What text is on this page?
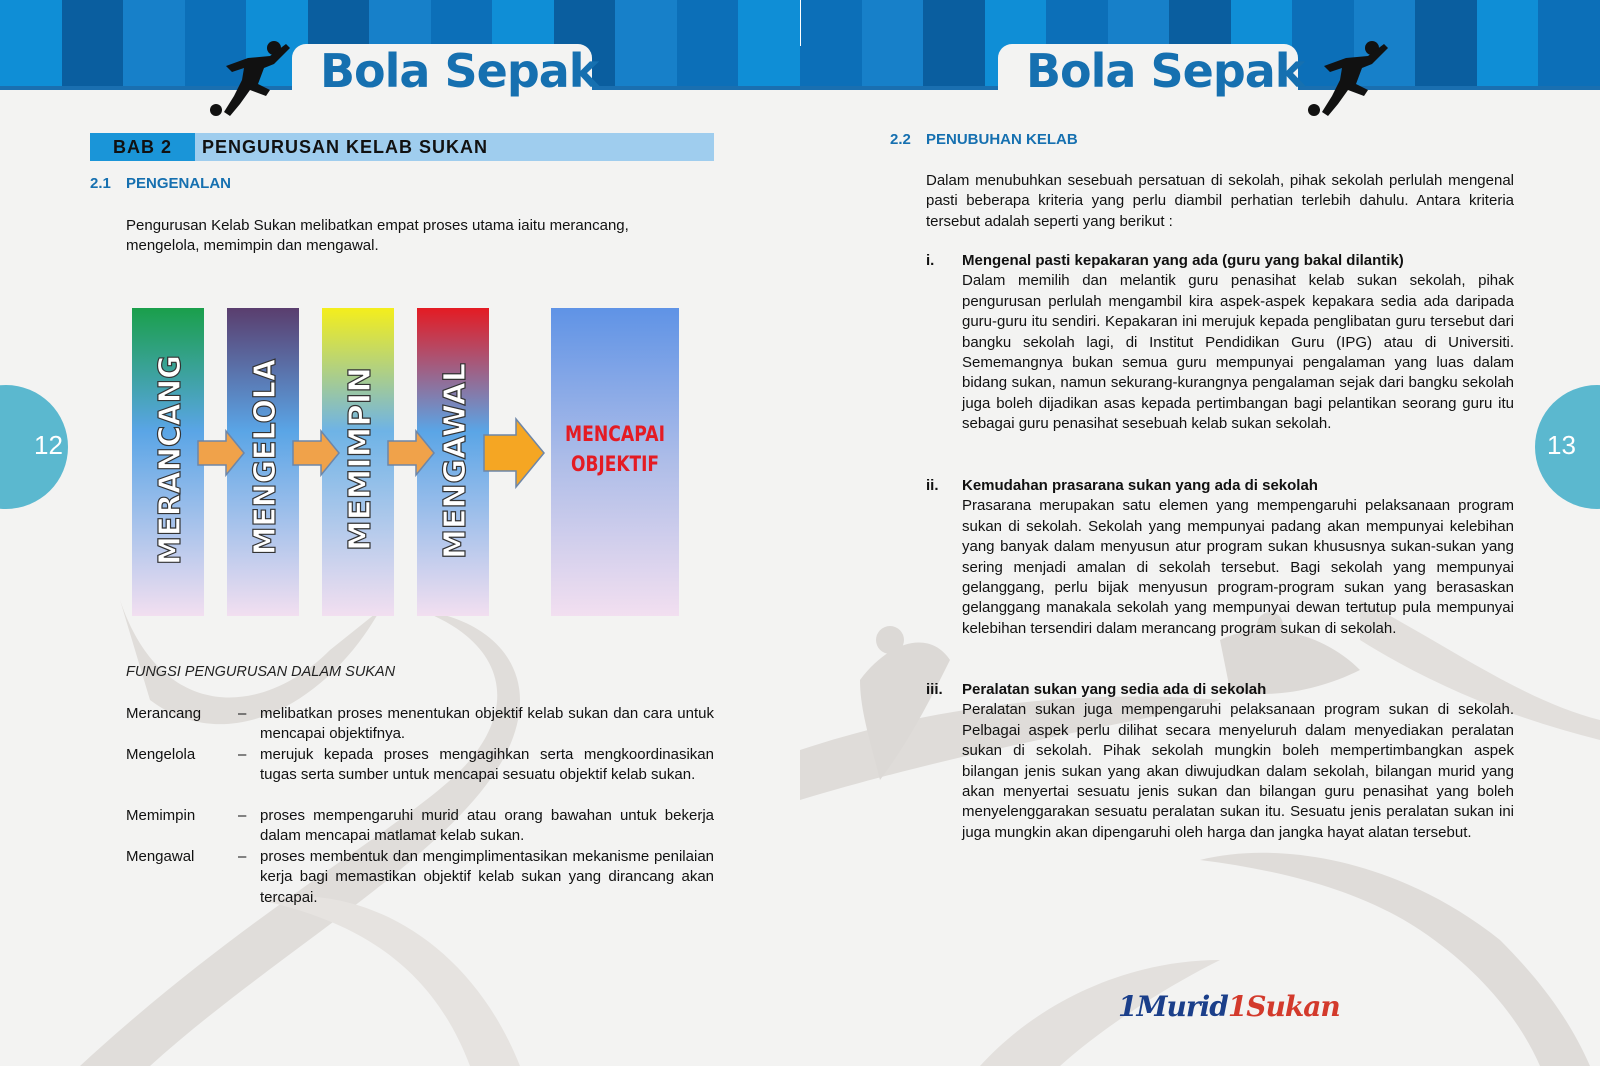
Bola Sepak
12
BAB 2	PENGURUSAN KELAB SUKAN
2.1 PENGENALAN
Pengurusan Kelab Sukan melibatkan empat proses utama iaitu merancang, mengelola, memimpin dan mengawal.
MERANCANG MENGELOLA MEMIMPIN MENGAWAL	MENCAPAI
OBJEKTIF
FUNGSI PENGURUSAN DALAM SUKAN
Merancang – melibatkan proses menentukan objektif kelab sukan dan cara untuk mencapai objektifnya.
Mengelola	– merujuk kepada proses mengagihkan serta mengkoordinasikan tugas serta sumber untuk mencapai sesuatu objektif kelab sukan.
Memimpin	– proses mempengaruhi murid atau orang bawahan untuk bekerja dalam mencapai matlamat kelab sukan.
Mengawal	– proses membentuk dan mengimplimentasikan mekanisme penilaian kerja bagi memastikan objektif kelab sukan yang dirancang akan tercapai.
Bola Sepak
13
2.2 PENUBUHAN KELAB
Dalam menubuhkan sesebuah persatuan di sekolah, pihak sekolah perlulah mengenal pasti beberapa kriteria yang perlu diambil perhatian terlebih dahulu. Antara kriteria tersebut adalah seperti yang berikut :
i. Mengenal pasti kepakaran yang ada (guru yang bakal dilantik)
Dalam memilih dan melantik guru penasihat kelab sukan sekolah, pihak pengurusan perlulah mengambil kira aspek-aspek kepakara sedia ada daripada guru-guru itu sendiri. Kepakaran ini merujuk kepada penglibatan guru tersebut dari bangku sekolah lagi, di Institut Pendidikan Guru (IPG) atau di Universiti. Sememangnya bukan semua guru mempunyai pengalaman yang luas dalam bidang sukan, namun sekurang-kurangnya pengalaman sejak dari bangku sekolah juga boleh dijadikan asas kepada pertimbangan bagi pelantikan seorang guru itu sebagai guru penasihat sesebuah kelab sukan sekolah.
ii. Kemudahan prasarana sukan yang ada di sekolah
Prasarana merupakan satu elemen yang mempengaruhi pelaksanaan program sukan di sekolah. Sekolah yang mempunyai padang akan mempunyai kelebihan yang banyak dalam menyusun atur program sukan khususnya sukan-sukan yang sering menjadi amalan di sekolah tersebut. Bagi sekolah yang mempunyai gelanggang, perlu bijak menyusun program-program sukan yang berasaskan gelanggang manakala sekolah yang mempunyai dewan tertutup pula mempunyai kelebihan tersendiri dalam merancang program sukan di sekolah.
iii. Peralatan sukan yang sedia ada di sekolah
Peralatan sukan juga mempengaruhi pelaksanaan program sukan di sekolah. Pelbagai aspek perlu dilihat secara menyeluruh dalam menyediakan peralatan sukan di sekolah. Pihak sekolah mungkin boleh mempertimbangkan aspek bilangan jenis sukan yang akan diwujudkan dalam sekolah, bilangan murid yang akan menyertai sesuatu jenis sukan dan bilangan guru penasihat yang boleh menyelenggarakan sesuatu peralatan sukan itu. Sesuatu jenis peralatan sukan ini juga mungkin akan dipengaruhi oleh harga dan jangka hayat alatan tersebut.
1Murid1Sukan
